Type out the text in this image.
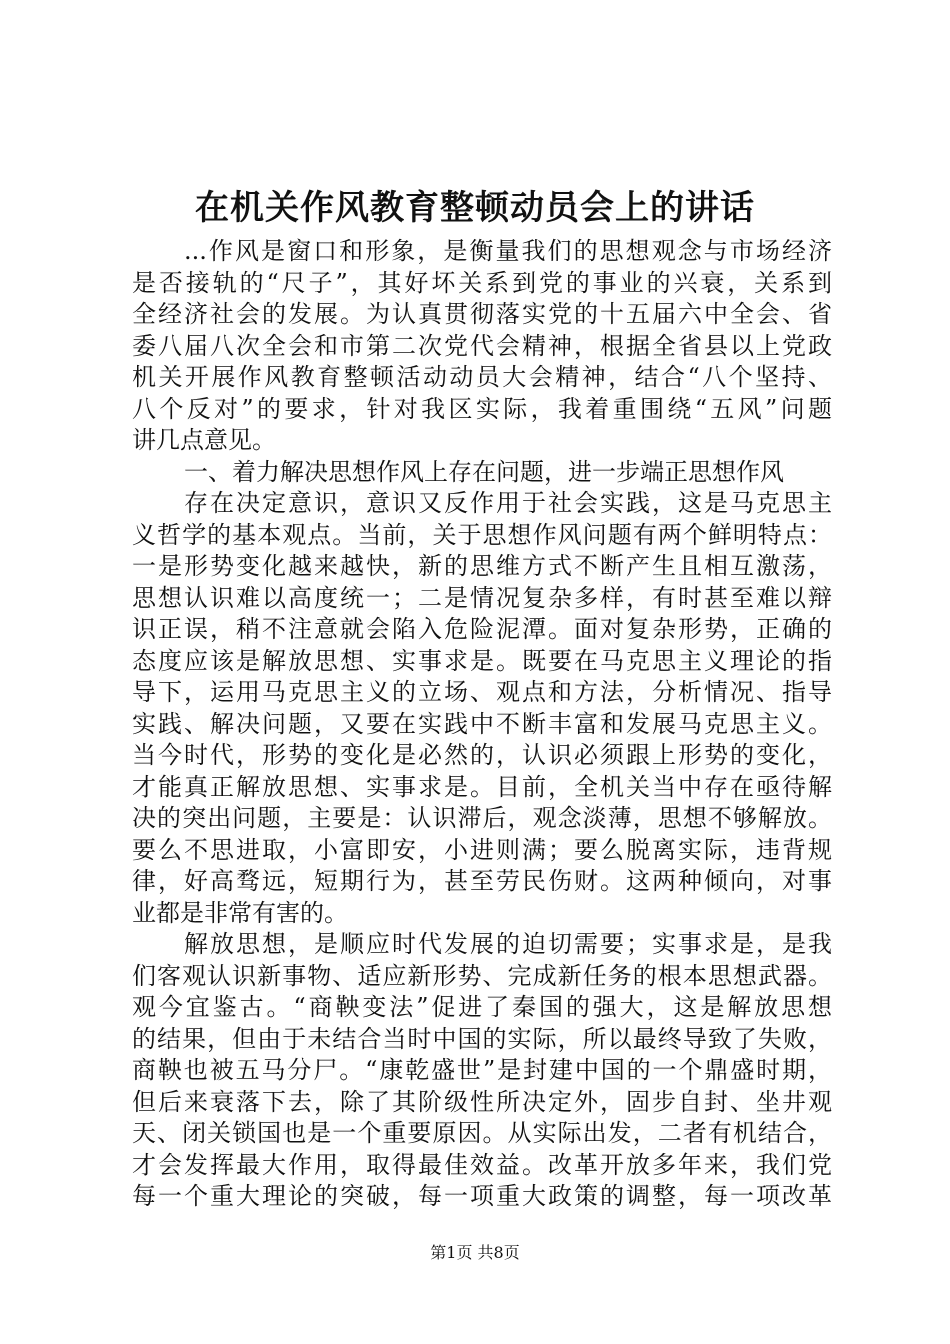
在机关作风教育整顿动员会上的讲话
...作风是窗口和形象，是衡量我们的思想观念与市场经济
是否接轨的“尺子”，其好坏关系到党的事业的兴衰，关系到
全经济社会的发展。为认真贯彻落实党的十五届六中全会、省
委八届八次全会和市第二次党代会精神，根据全省县以上党政
机关开展作风教育整顿活动动员大会精神，结合“八个坚持、
八个反对”的要求，针对我区实际，我着重围绕“五风”问题
讲几点意见。
一、着力解决思想作风上存在问题，进一步端正思想作风
存在决定意识，意识又反作用于社会实践，这是马克思主
义哲学的基本观点。当前，关于思想作风问题有两个鲜明特点：
一是形势变化越来越快，新的思维方式不断产生且相互激荡，
思想认识难以高度统一；二是情况复杂多样，有时甚至难以辩
识正误，稍不注意就会陷入危险泥潭。面对复杂形势，正确的
态度应该是解放思想、实事求是。既要在马克思主义理论的指
导下，运用马克思主义的立场、观点和方法，分析情况、指导
实践、解决问题，又要在实践中不断丰富和发展马克思主义。
当今时代，形势的变化是必然的，认识必须跟上形势的变化，
才能真正解放思想、实事求是。目前，全机关当中存在亟待解
决的突出问题，主要是：认识滞后，观念淡薄，思想不够解放。
要么不思进取，小富即安，小进则满；要么脱离实际，违背规
律，好高骛远，短期行为，甚至劳民伤财。这两种倾向，对事
业都是非常有害的。
解放思想，是顺应时代发展的迫切需要；实事求是，是我
们客观认识新事物、适应新形势、完成新任务的根本思想武器。
观今宜鉴古。“商鞅变法”促进了秦国的强大，这是解放思想
的结果，但由于未结合当时中国的实际，所以最终导致了失败，
商鞅也被五马分尸。“康乾盛世”是封建中国的一个鼎盛时期，
但后来衰落下去，除了其阶级性所决定外，固步自封、坐井观
天、闭关锁国也是一个重要原因。从实际出发，二者有机结合，
才会发挥最大作用，取得最佳效益。改革开放多年来，我们党
每一个重大理论的突破，每一项重大政策的调整，每一项改革
第1页 共8页
